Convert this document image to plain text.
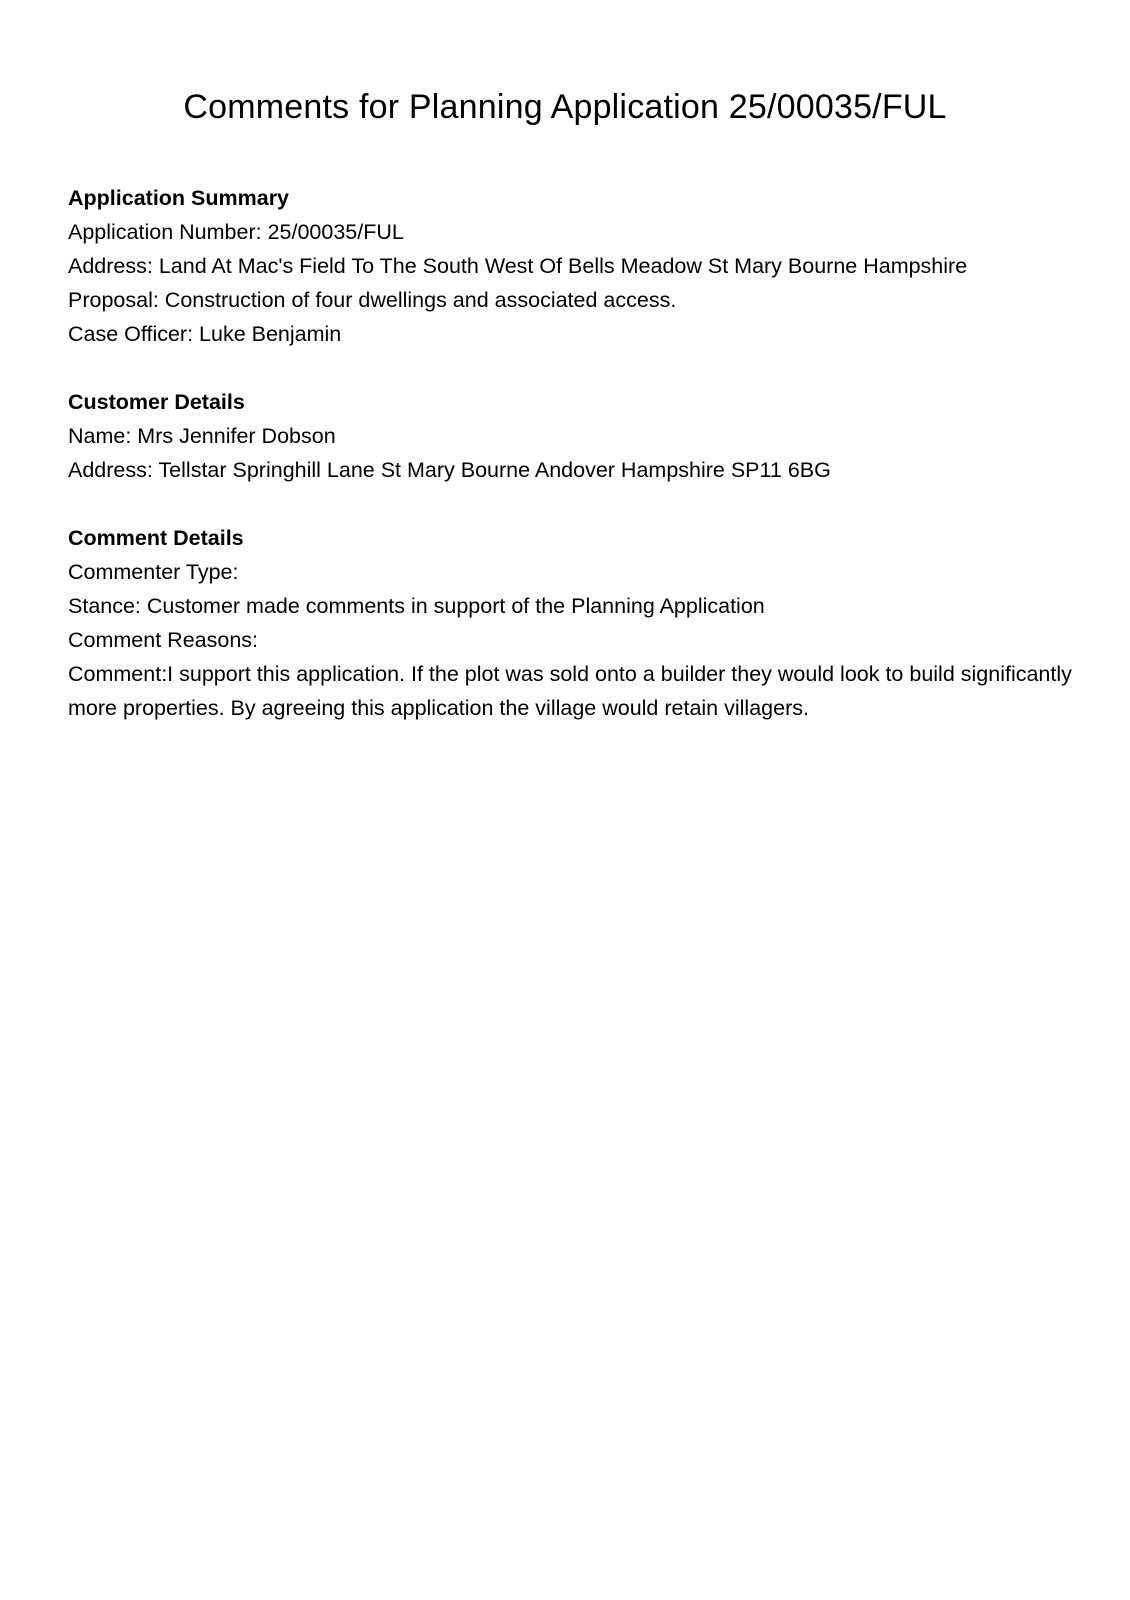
Comments for Planning Application 25/00035/FUL

Application Summary

Application Number: 25/00035/FUL

Address: Land At Mac's Field To The South West Of Bells Meadow St Mary Bourne Hampshire

Proposal: Construction of four dwellings and associated access.

Case Officer: Luke Benjamin

Customer Details

Name: Mrs Jennifer Dobson

Address: Tellstar Springhill Lane St Mary Bourne Andover Hampshire SP11 6BG

Comment Details

Commenter Type:

Stance: Customer made comments in support of the Planning Application

Comment Reasons:

Comment:I support this application. If the plot was sold onto a builder they would look to build significantly more properties. By agreeing this application the village would retain villagers.
